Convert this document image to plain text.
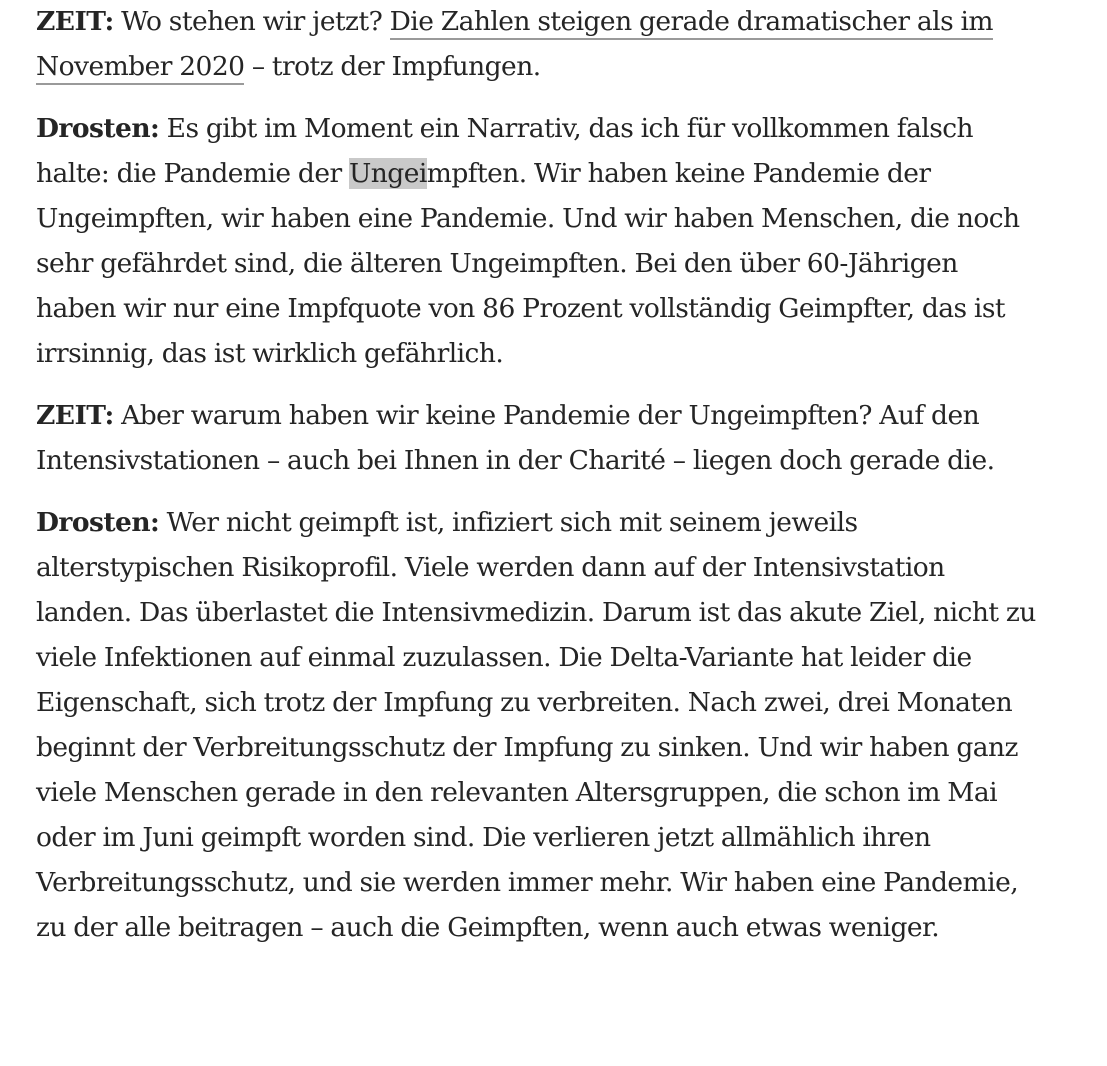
ZEIT: Wo stehen wir jetzt? Die Zahlen steigen gerade dramatischer als im November 2020 – trotz der Impfungen.

Drosten: Es gibt im Moment ein Narrativ, das ich für vollkommen falsch halte: die Pandemie der Ungeimpften. Wir haben keine Pandemie der Ungeimpften, wir haben eine Pandemie. Und wir haben Menschen, die noch sehr gefährdet sind, die älteren Ungeimpften. Bei den über 60-Jährigen haben wir nur eine Impfquote von 86 Prozent vollständig Geimpfter, das ist irrsinnig, das ist wirklich gefährlich.

ZEIT: Aber warum haben wir keine Pandemie der Ungeimpften? Auf den Intensivstationen – auch bei Ihnen in der Charité – liegen doch gerade die.

Drosten: Wer nicht geimpft ist, infiziert sich mit seinem jeweils alterstypischen Risikoprofil. Viele werden dann auf der Intensivstation landen. Das überlastet die Intensivmedizin. Darum ist das akute Ziel, nicht zu viele Infektionen auf einmal zuzulassen. Die Delta-Variante hat leider die Eigenschaft, sich trotz der Impfung zu verbreiten. Nach zwei, drei Monaten beginnt der Verbreitungsschutz der Impfung zu sinken. Und wir haben ganz viele Menschen gerade in den relevanten Altersgruppen, die schon im Mai oder im Juni geimpft worden sind. Die verlieren jetzt allmählich ihren Verbreitungsschutz, und sie werden immer mehr. Wir haben eine Pandemie, zu der alle beitragen – auch die Geimpften, wenn auch etwas weniger.
